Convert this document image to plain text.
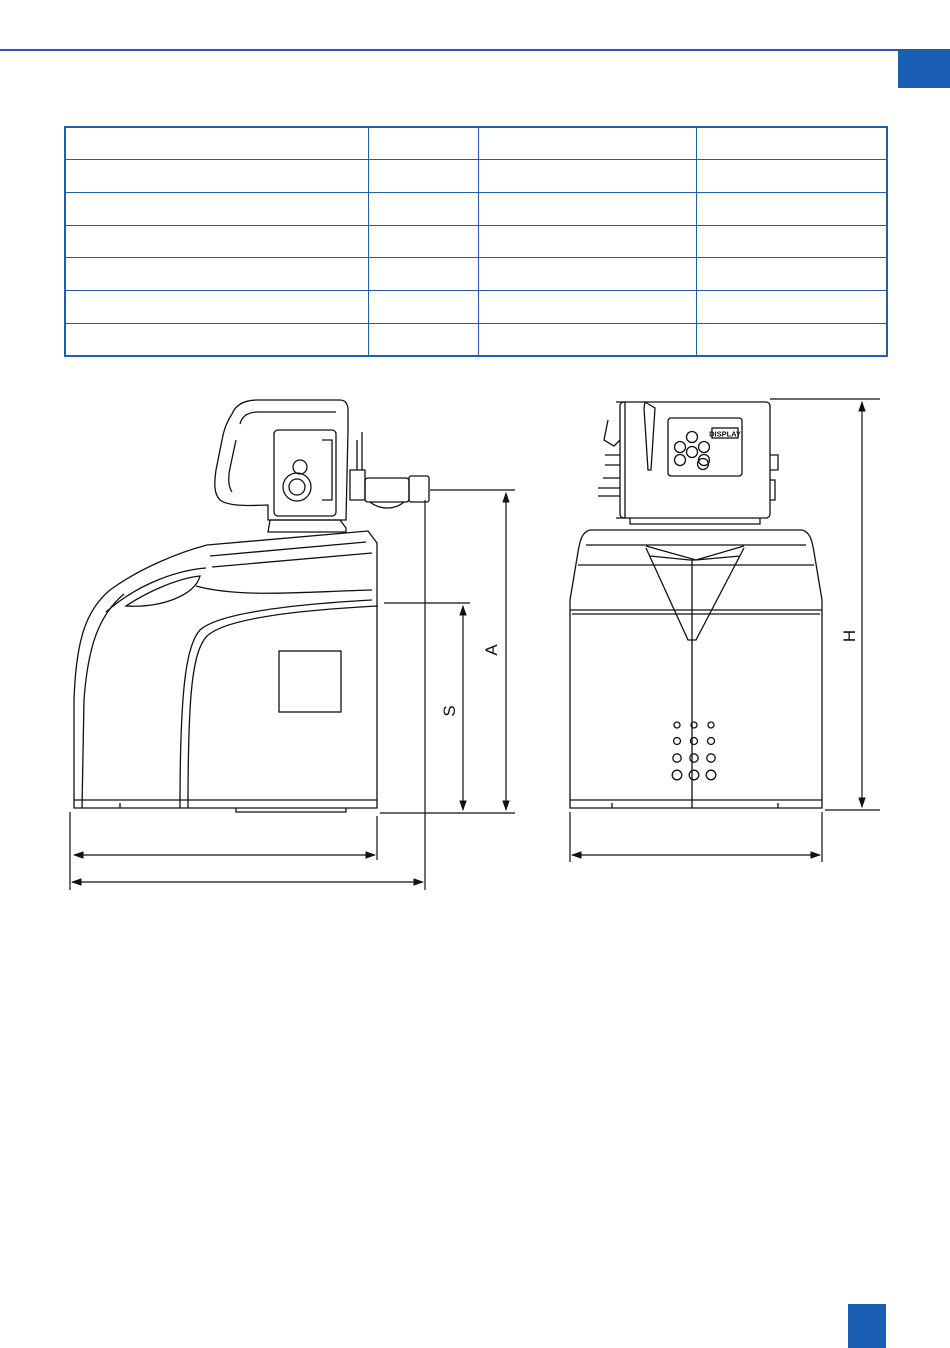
S
A
DISPLAY
H
